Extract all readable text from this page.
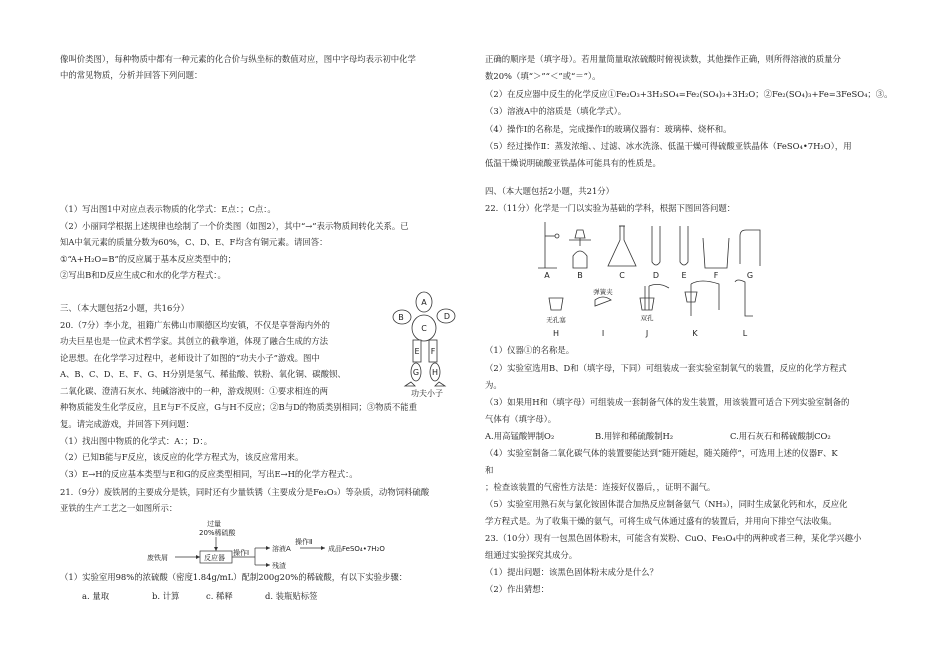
像叫价类图），每种物质中都有一种元素的化合价与纵坐标的数值对应，图中字母均表示初中化学
中的常见物质，分析并回答下列问题：
（1）写出图1中对应点表示物质的化学式：E点：；C点：。
（2）小丽同学根据上述规律也绘制了一个价类图（如图2），其中“→”表示物质间转化关系。已
知A中氧元素的质量分数为60%，C、D、E、F均含有铜元素。请回答：
①“A+H₂O=B”的反应属于基本反应类型中的；
②写出B和D反应生成C和水的化学方程式：。
三、（本大题包括2小题，共16分）
20.（7分）李小龙，祖籍广东佛山市顺德区均安镇，不仅是享誉海内外的
功夫巨星也是一位武术哲学家。其创立的截拳道，体现了融合生成的方法
论思想。在化学学习过程中，老师设计了如图的“功夫小子”游戏。图中
A、B、C、D、E、F、G、H分别是氢气、稀盐酸、铁粉、氧化铜、碳酸钡、
二氧化碳、澄清石灰水、纯碱溶液中的一种，游戏规则：①要求相连的两
种物质能发生化学反应，且E与F不反应，G与H不反应；②B与D的物质类别相同；③物质不能重
复。请完成游戏，并回答下列问题：
（1）找出图中物质的化学式：A：；D：。
（2）已知B能与F反应，该反应的化学方程式为，该反应常用来。
（3）E→H的反应基本类型与E和G的反应类型相同，写出E→H的化学方程式：。
21.（9分）废铁屑的主要成分是铁，同时还有少量铁锈（主要成分是Fe₂O₃）等杂质，动物饲料硫酸
亚铁的生产工艺之一如图所示：
（1）实验室用98%的浓硫酸（密度1.84g/mL）配制200g20%的稀硫酸，有以下实验步骤：
a. 量取	b. 计算	c. 稀释	d. 装瓶贴标签
A
B
C
D
E F
G H
功夫小子
过量
20%稀硫酸
废铁屑	反应器
操作Ⅰ	溶液A
操作Ⅱ
成品FeSO₄•7H₂O
残渣
正确的顺序是（填字母）。若用量筒量取浓硫酸时俯视读数，其他操作正确，则所得溶液的质量分
数20%（填“＞”“＜”或“＝”）。
（2）在反应器中反生的化学反应①Fe₂O₃+3H₂SO₄=Fe₂(SO₄)₃+3H₂O；②Fe₂(SO₄)₃+Fe=3FeSO₄；③。
（3）溶液A中的溶质是（填化学式）。
（4）操作Ⅰ的名称是，完成操作Ⅰ的玻璃仪器有：玻璃棒、烧杯和。
（5）经过操作Ⅱ：蒸发浓缩、、过滤、冰水洗涤、低温干燥可得硫酸亚铁晶体（FeSO₄•7H₂O），用
低温干燥说明硫酸亚铁晶体可能具有的性质是。
四、（本大题包括2小题，共21分）
22.（11分）化学是一门以实验为基础的学科，根据下图回答问题：
（1）仪器①的名称是。
（2）实验室选用B、D和（填字母，下同）可组装成一套实验室制氧气的装置，反应的化学方程式
为。
（3）如果用H和（填字母）可组装成一套制备气体的发生装置，用该装置可适合下列实验室制备的
气体有（填字母）。
A.用高锰酸钾制O₂	B.用锌和稀硫酸制H₂	C.用石灰石和稀硫酸制CO₂
（4）实验室制备二氧化碳气体的装置要能达到“随开随起，随关随停”，可选用上述的仪器F、K
和
；检查该装置的气密性方法是：连接好仪器后，，证明不漏气。
（5）实验室用熟石灰与氯化铵固体混合加热反应制备氨气（NH₃），同时生成氯化钙和水，反应化
学方程式是。为了收集干燥的氨气，可将生成气体通过盛有的装置后，并用向下排空气法收集。
23.（10分）现有一包黑色固体粉末，可能含有炭粉、CuO、Fe₃O₄中的两种或者三种，某化学兴趣小
组通过实验探究其成分。
（1）提出问题：该黑色固体粉末成分是什么？
（2）作出猜想：
A	B	C	D	E	F	G
H	I	J	K	L
无孔塞
弹簧夹
双孔
